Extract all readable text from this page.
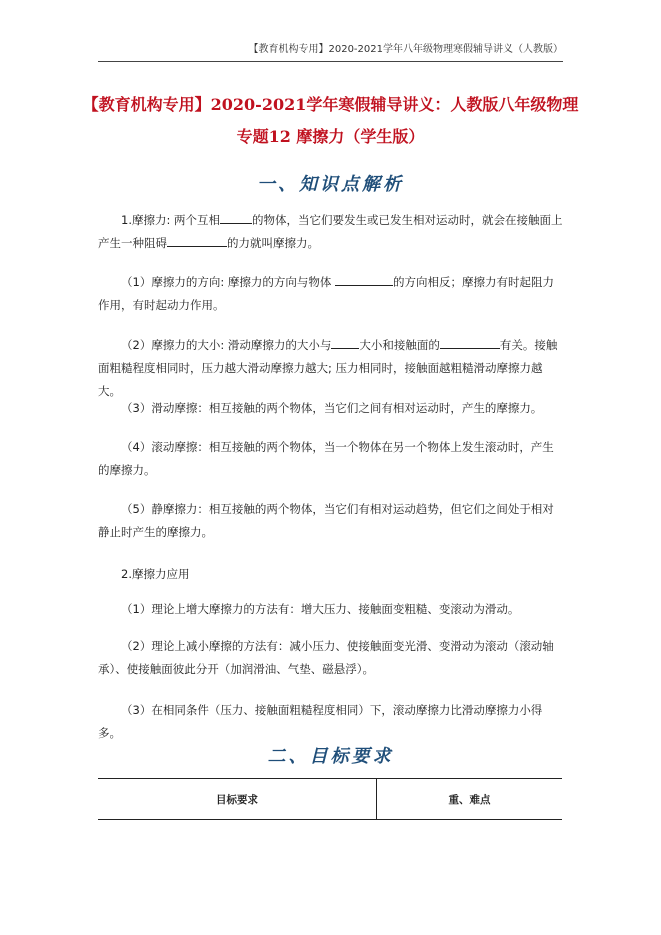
【教育机构专用】2020-2021学年八年级物理寒假辅导讲义（人教版）
【教育机构专用】2020-2021学年寒假辅导讲义：人教版八年级物理
专题12 摩擦力（学生版）
一、知识点解析
1.摩擦力: 两个互相	的物体，当它们要发生或已发生相对运动时，就会在接触面上产生一种阻碍	的力就叫摩擦力。
（1）摩擦力的方向: 摩擦力的方向与物体	的方向相反；摩擦力有时起阻力作用，有时起动力作用。
（2）摩擦力的大小: 滑动摩擦力的大小与 大小和接触面的	有关。接触面粗糙程度相同时，压力越大滑动摩擦力越大; 压力相同时，接触面越粗糙滑动摩擦力越大。
（3）滑动摩擦：相互接触的两个物体，当它们之间有相对运动时，产生的摩擦力。
（4）滚动摩擦：相互接触的两个物体，当一个物体在另一个物体上发生滚动时，产生的摩擦力。
（5）静摩擦力：相互接触的两个物体，当它们有相对运动趋势，但它们之间处于相对静止时产生的摩擦力。
2.摩擦力应用
（1）理论上增大摩擦力的方法有：增大压力、接触面变粗糙、变滚动为滑动。
（2）理论上减小摩擦的方法有：减小压力、使接触面变光滑、变滑动为滚动（滚动轴承）、使接触面彼此分开（加润滑油、气垫、磁悬浮）。
（3）在相同条件（压力、接触面粗糙程度相同）下，滚动摩擦力比滑动摩擦力小得多。
二、目标要求
目标要求	重、难点
